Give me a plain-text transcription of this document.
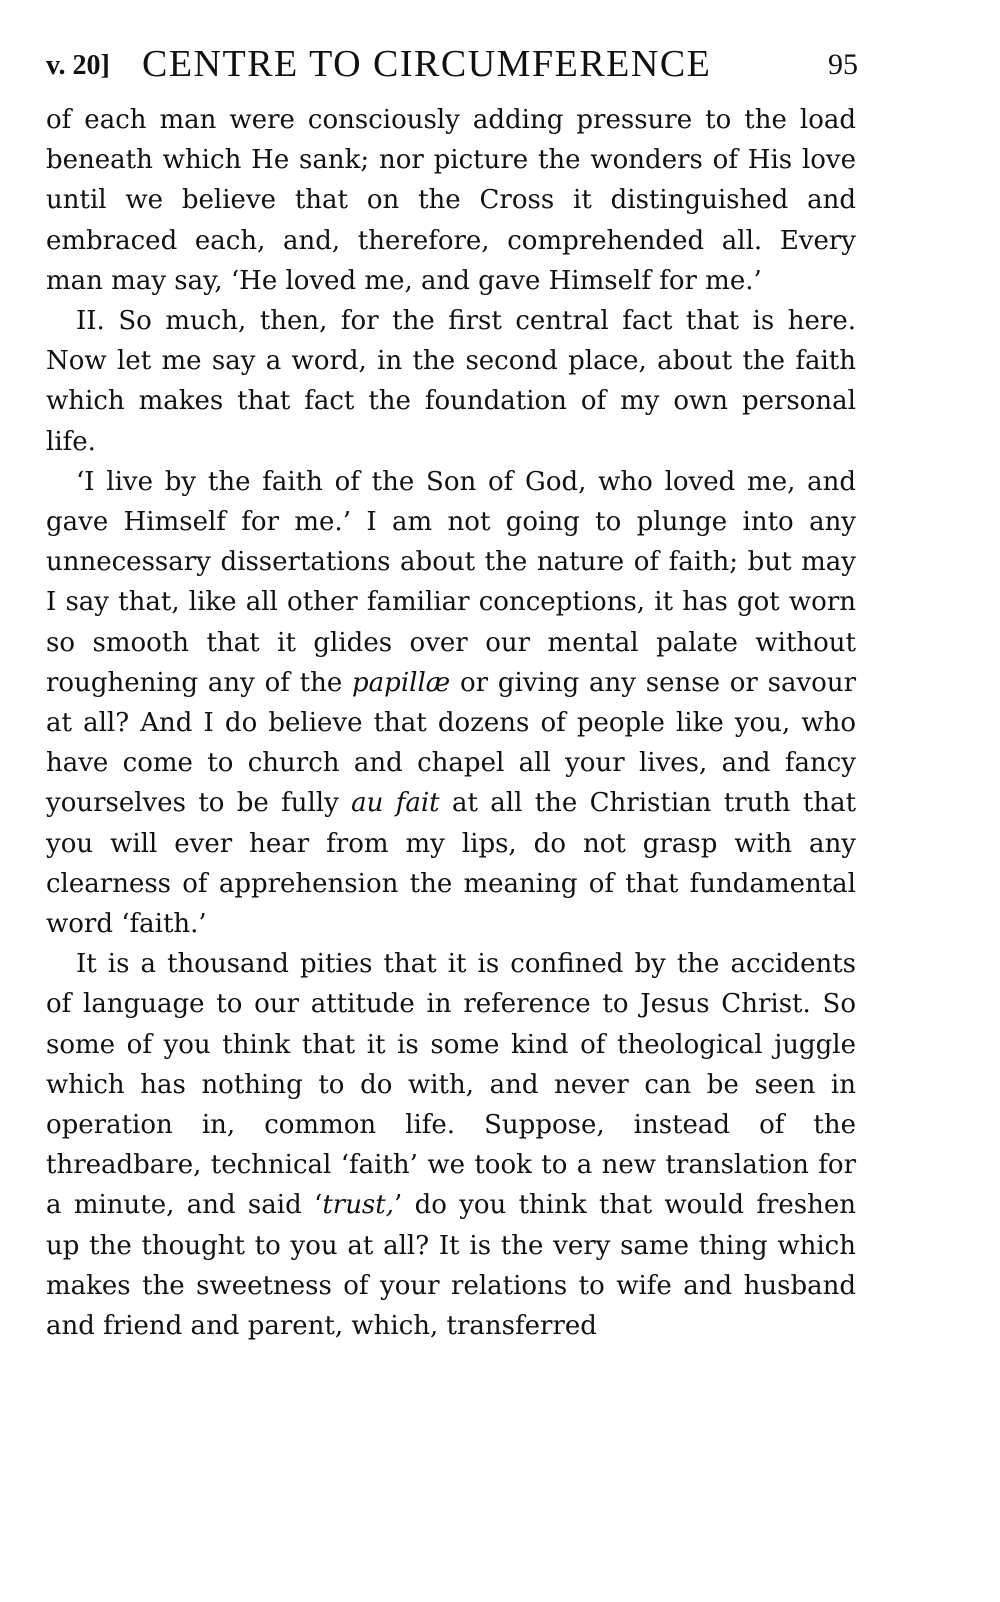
v. 20] CENTRE TO CIRCUMFERENCE	95

of each man were consciously adding pressure to the load beneath which He sank; nor picture the wonders of His love until we believe that on the Cross it distinguished and embraced each, and, therefore, comprehended all. Every man may say, ‘He loved me, and gave Himself for me.’

II. So much, then, for the first central fact that is here. Now let me say a word, in the second place, about the faith which makes that fact the foundation of my own personal life.

‘I live by the faith of the Son of God, who loved me, and gave Himself for me.’ I am not going to plunge into any unnecessary dissertations about the nature of faith; but may I say that, like all other familiar conceptions, it has got worn so smooth that it glides over our mental palate without roughening any of the papillæ or giving any sense or savour at all? And I do believe that dozens of people like you, who have come to church and chapel all your lives, and fancy yourselves to be fully au fait at all the Christian truth that you will ever hear from my lips, do not grasp with any clearness of apprehension the meaning of that fundamental word ‘faith.’

It is a thousand pities that it is confined by the accidents of language to our attitude in reference to Jesus Christ. So some of you think that it is some kind of theological juggle which has nothing to do with, and never can be seen in operation in, common life. Suppose, instead of the threadbare, technical ‘faith’ we took to a new translation for a minute, and said ‘trust,’ do you think that would freshen up the thought to you at all? It is the very same thing which makes the sweetness of your relations to wife and husband and friend and parent, which, transferred
